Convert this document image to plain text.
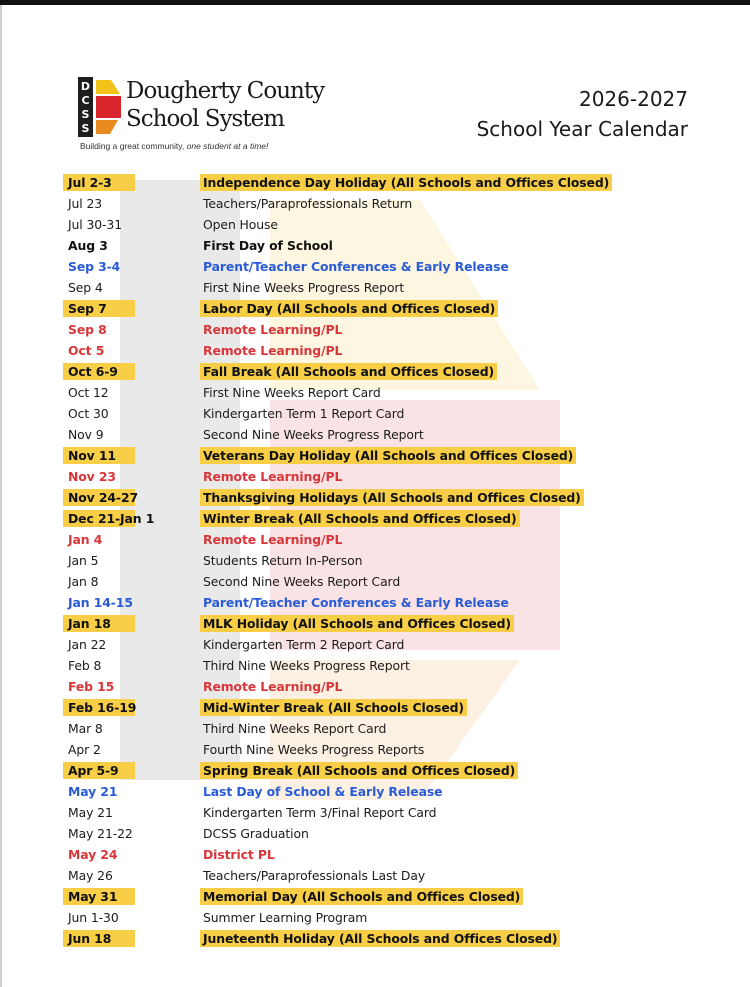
D
C
S
S
Dougherty County
School System
Building a great community, one student at a time!
2026-2027
School Year Calendar
Jul 2-3	Independence Day Holiday (All Schools and Offices Closed)
Jul 23	Teachers/Paraprofessionals Return
Jul 30-31	Open House
Aug 3	First Day of School
Sep 3-4	Parent/Teacher Conferences & Early Release
Sep 4	First Nine Weeks Progress Report
Sep 7	Labor Day (All Schools and Offices Closed)
Sep 8	Remote Learning/PL
Oct 5	Remote Learning/PL
Oct 6-9	Fall Break (All Schools and Offices Closed)
Oct 12	First Nine Weeks Report Card
Oct 30	Kindergarten Term 1 Report Card
Nov 9	Second Nine Weeks Progress Report
Nov 11	Veterans Day Holiday (All Schools and Offices Closed)
Nov 23	Remote Learning/PL
Nov 24-27	Thanksgiving Holidays (All Schools and Offices Closed)
Dec 21-Jan 1	Winter Break (All Schools and Offices Closed)
Jan 4	Remote Learning/PL
Jan 5	Students Return In-Person
Jan 8	Second Nine Weeks Report Card
Jan 14-15	Parent/Teacher Conferences & Early Release
Jan 18	MLK Holiday (All Schools and Offices Closed)
Jan 22	Kindergarten Term 2 Report Card
Feb 8	Third Nine Weeks Progress Report
Feb 15	Remote Learning/PL
Feb 16-19	Mid-Winter Break (All Schools Closed)
Mar 8	Third Nine Weeks Report Card
Apr 2	Fourth Nine Weeks Progress Reports
Apr 5-9	Spring Break (All Schools and Offices Closed)
May 21	Last Day of School & Early Release
May 21	Kindergarten Term 3/Final Report Card
May 21-22	DCSS Graduation
May 24	District PL
May 26	Teachers/Paraprofessionals Last Day
May 31	Memorial Day (All Schools and Offices Closed)
Jun 1-30	Summer Learning Program
Jun 18	Juneteenth Holiday (All Schools and Offices Closed)
